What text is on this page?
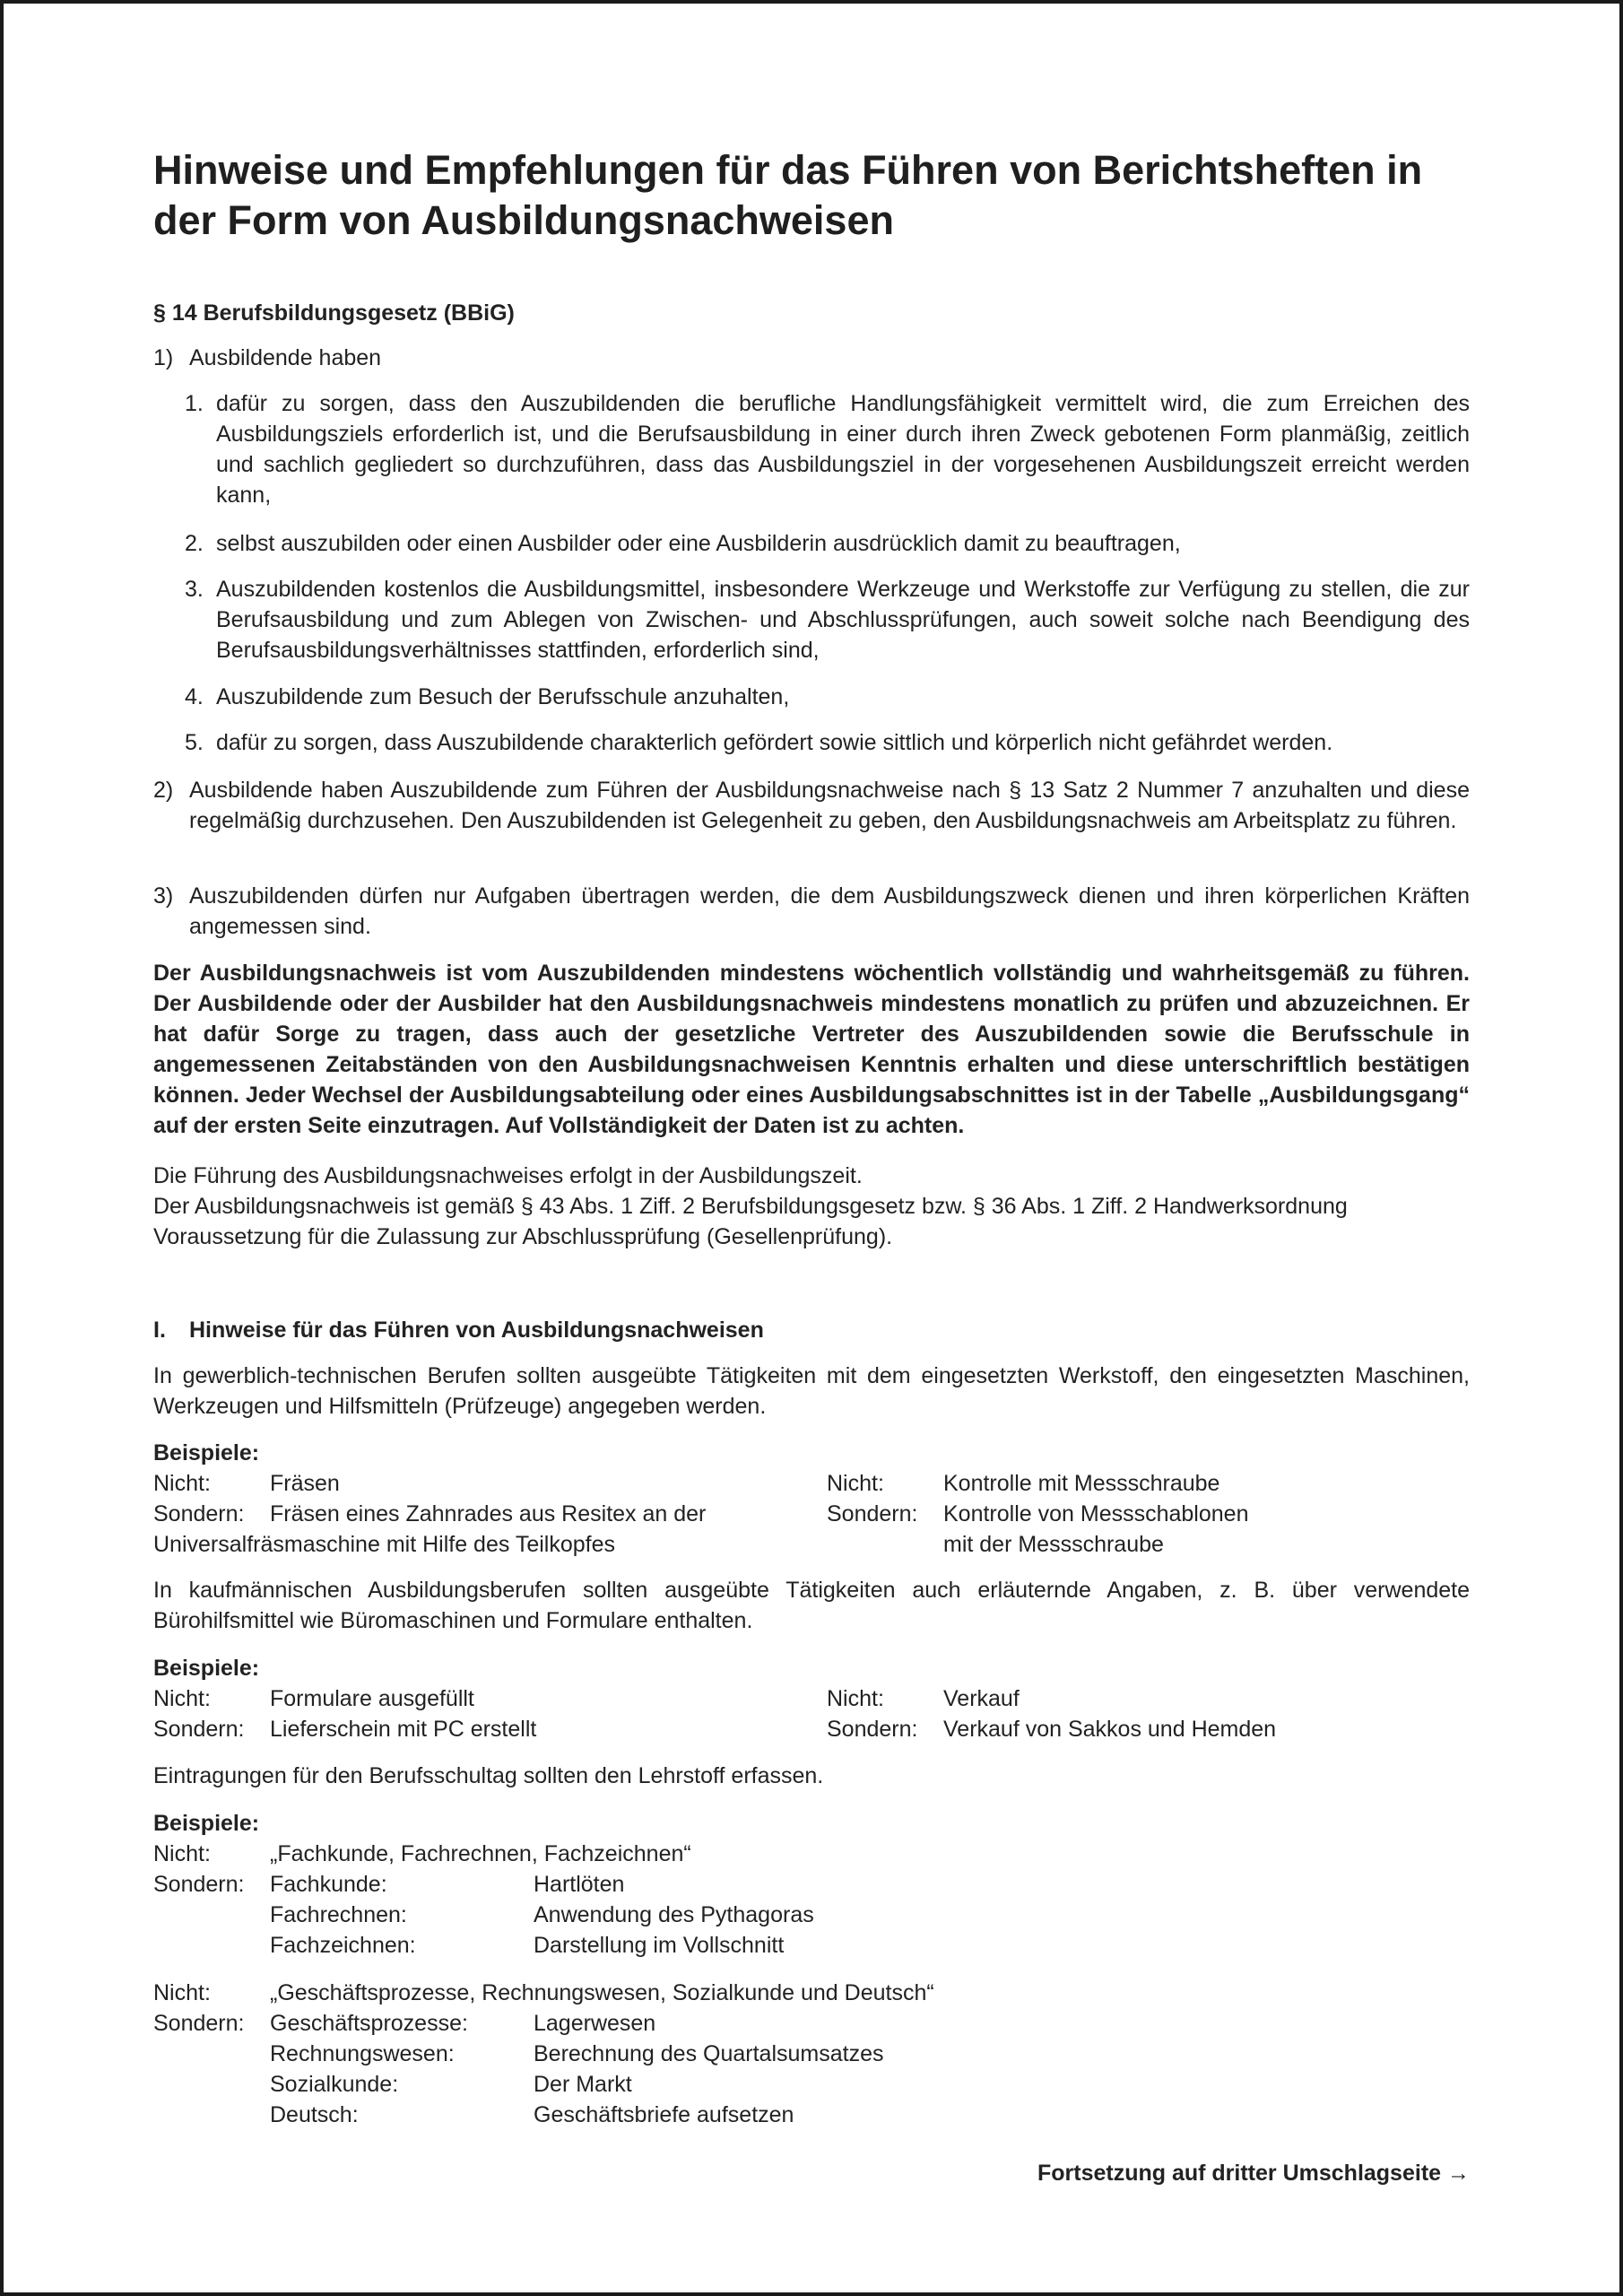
Hinweise und Empfehlungen für das Führen von Berichtsheften in der Form von Ausbildungsnachweisen

§ 14 Berufsbildungsgesetz (BBiG)

1) Ausbildende haben

1. dafür zu sorgen, dass den Auszubildenden die berufliche Handlungsfähigkeit vermittelt wird, die zum Erreichen des Ausbildungsziels erforderlich ist, und die Berufsausbildung in einer durch ihren Zweck gebotenen Form planmäßig, zeitlich und sachlich gegliedert so durchzuführen, dass das Ausbildungsziel in der vorgesehenen Ausbildungszeit erreicht werden kann,

2. selbst auszubilden oder einen Ausbilder oder eine Ausbilderin ausdrücklich damit zu beauftragen,

3. Auszubildenden kostenlos die Ausbildungsmittel, insbesondere Werkzeuge und Werkstoffe zur Verfügung zu stellen, die zur Berufsausbildung und zum Ablegen von Zwischen- und Abschlussprüfungen, auch soweit solche nach Beendigung des Berufsausbildungsverhältnisses stattfinden, erforderlich sind,

4. Auszubildende zum Besuch der Berufsschule anzuhalten,

5. dafür zu sorgen, dass Auszubildende charakterlich gefördert sowie sittlich und körperlich nicht gefährdet werden.

2) Ausbildende haben Auszubildende zum Führen der Ausbildungsnachweise nach § 13 Satz 2 Nummer 7 anzuhalten und diese regelmäßig durchzusehen. Den Auszubildenden ist Gelegenheit zu geben, den Ausbildungsnachweis am Arbeitsplatz zu führen.

3) Auszubildenden dürfen nur Aufgaben übertragen werden, die dem Ausbildungszweck dienen und ihren körperlichen Kräften angemessen sind.

Der Ausbildungsnachweis ist vom Auszubildenden mindestens wöchentlich vollständig und wahrheitsgemäß zu führen. Der Ausbildende oder der Ausbilder hat den Ausbildungsnachweis mindestens monatlich zu prüfen und abzuzeichnen. Er hat dafür Sorge zu tragen, dass auch der gesetzliche Vertreter des Auszubildenden sowie die Berufsschule in angemessenen Zeitabständen von den Ausbildungsnachweisen Kenntnis erhalten und diese unterschriftlich bestätigen können. Jeder Wechsel der Ausbildungsabteilung oder eines Ausbildungsabschnittes ist in der Tabelle „Ausbildungsgang“ auf der ersten Seite einzutragen. Auf Vollständigkeit der Daten ist zu achten.

Die Führung des Ausbildungsnachweises erfolgt in der Ausbildungszeit.

Der Ausbildungsnachweis ist gemäß § 43 Abs. 1 Ziff. 2 Berufsbildungsgesetz bzw. § 36 Abs. 1 Ziff. 2 Handwerksordnung Voraussetzung für die Zulassung zur Abschlussprüfung (Gesellenprüfung).

I. Hinweise für das Führen von Ausbildungsnachweisen

In gewerblich-technischen Berufen sollten ausgeübte Tätigkeiten mit dem eingesetzten Werkstoff, den eingesetzten Maschinen, Werkzeugen und Hilfsmitteln (Prüfzeuge) angegeben werden.

Beispiele:

Nicht:	Fräsen
Sondern: Fräsen eines Zahnrades aus Resitex an der
Universalfräsmaschine mit Hilfe des Teilkopfes
Nicht:	Kontrolle mit Messschraube
Sondern: Kontrolle von Messschablonen
mit der Messschraube

In kaufmännischen Ausbildungsberufen sollten ausgeübte Tätigkeiten auch erläuternde Angaben, z. B. über verwendete Bürohilfsmittel wie Büromaschinen und Formulare enthalten.

Beispiele:

Nicht:	Formulare ausgefüllt
Sondern: Lieferschein mit PC erstellt
Nicht:	Verkauf
Sondern: Verkauf von Sakkos und Hemden

Eintragungen für den Berufsschultag sollten den Lehrstoff erfassen.

Beispiele:

Nicht:	„Fachkunde, Fachrechnen, Fachzeichnen“
Sondern: Fachkunde:	Hartlöten
Fachrechnen:	Anwendung des Pythagoras
Fachzeichnen:	Darstellung im Vollschnitt
Nicht:	„Geschäftsprozesse, Rechnungswesen, Sozialkunde und Deutsch“
Sondern: Geschäftsprozesse:	Lagerwesen
Rechnungswesen:	Berechnung des Quartalsumsatzes
Sozialkunde:	Der Markt
Deutsch:	Geschäftsbriefe aufsetzen
Fortsetzung auf dritter Umschlagseite →
